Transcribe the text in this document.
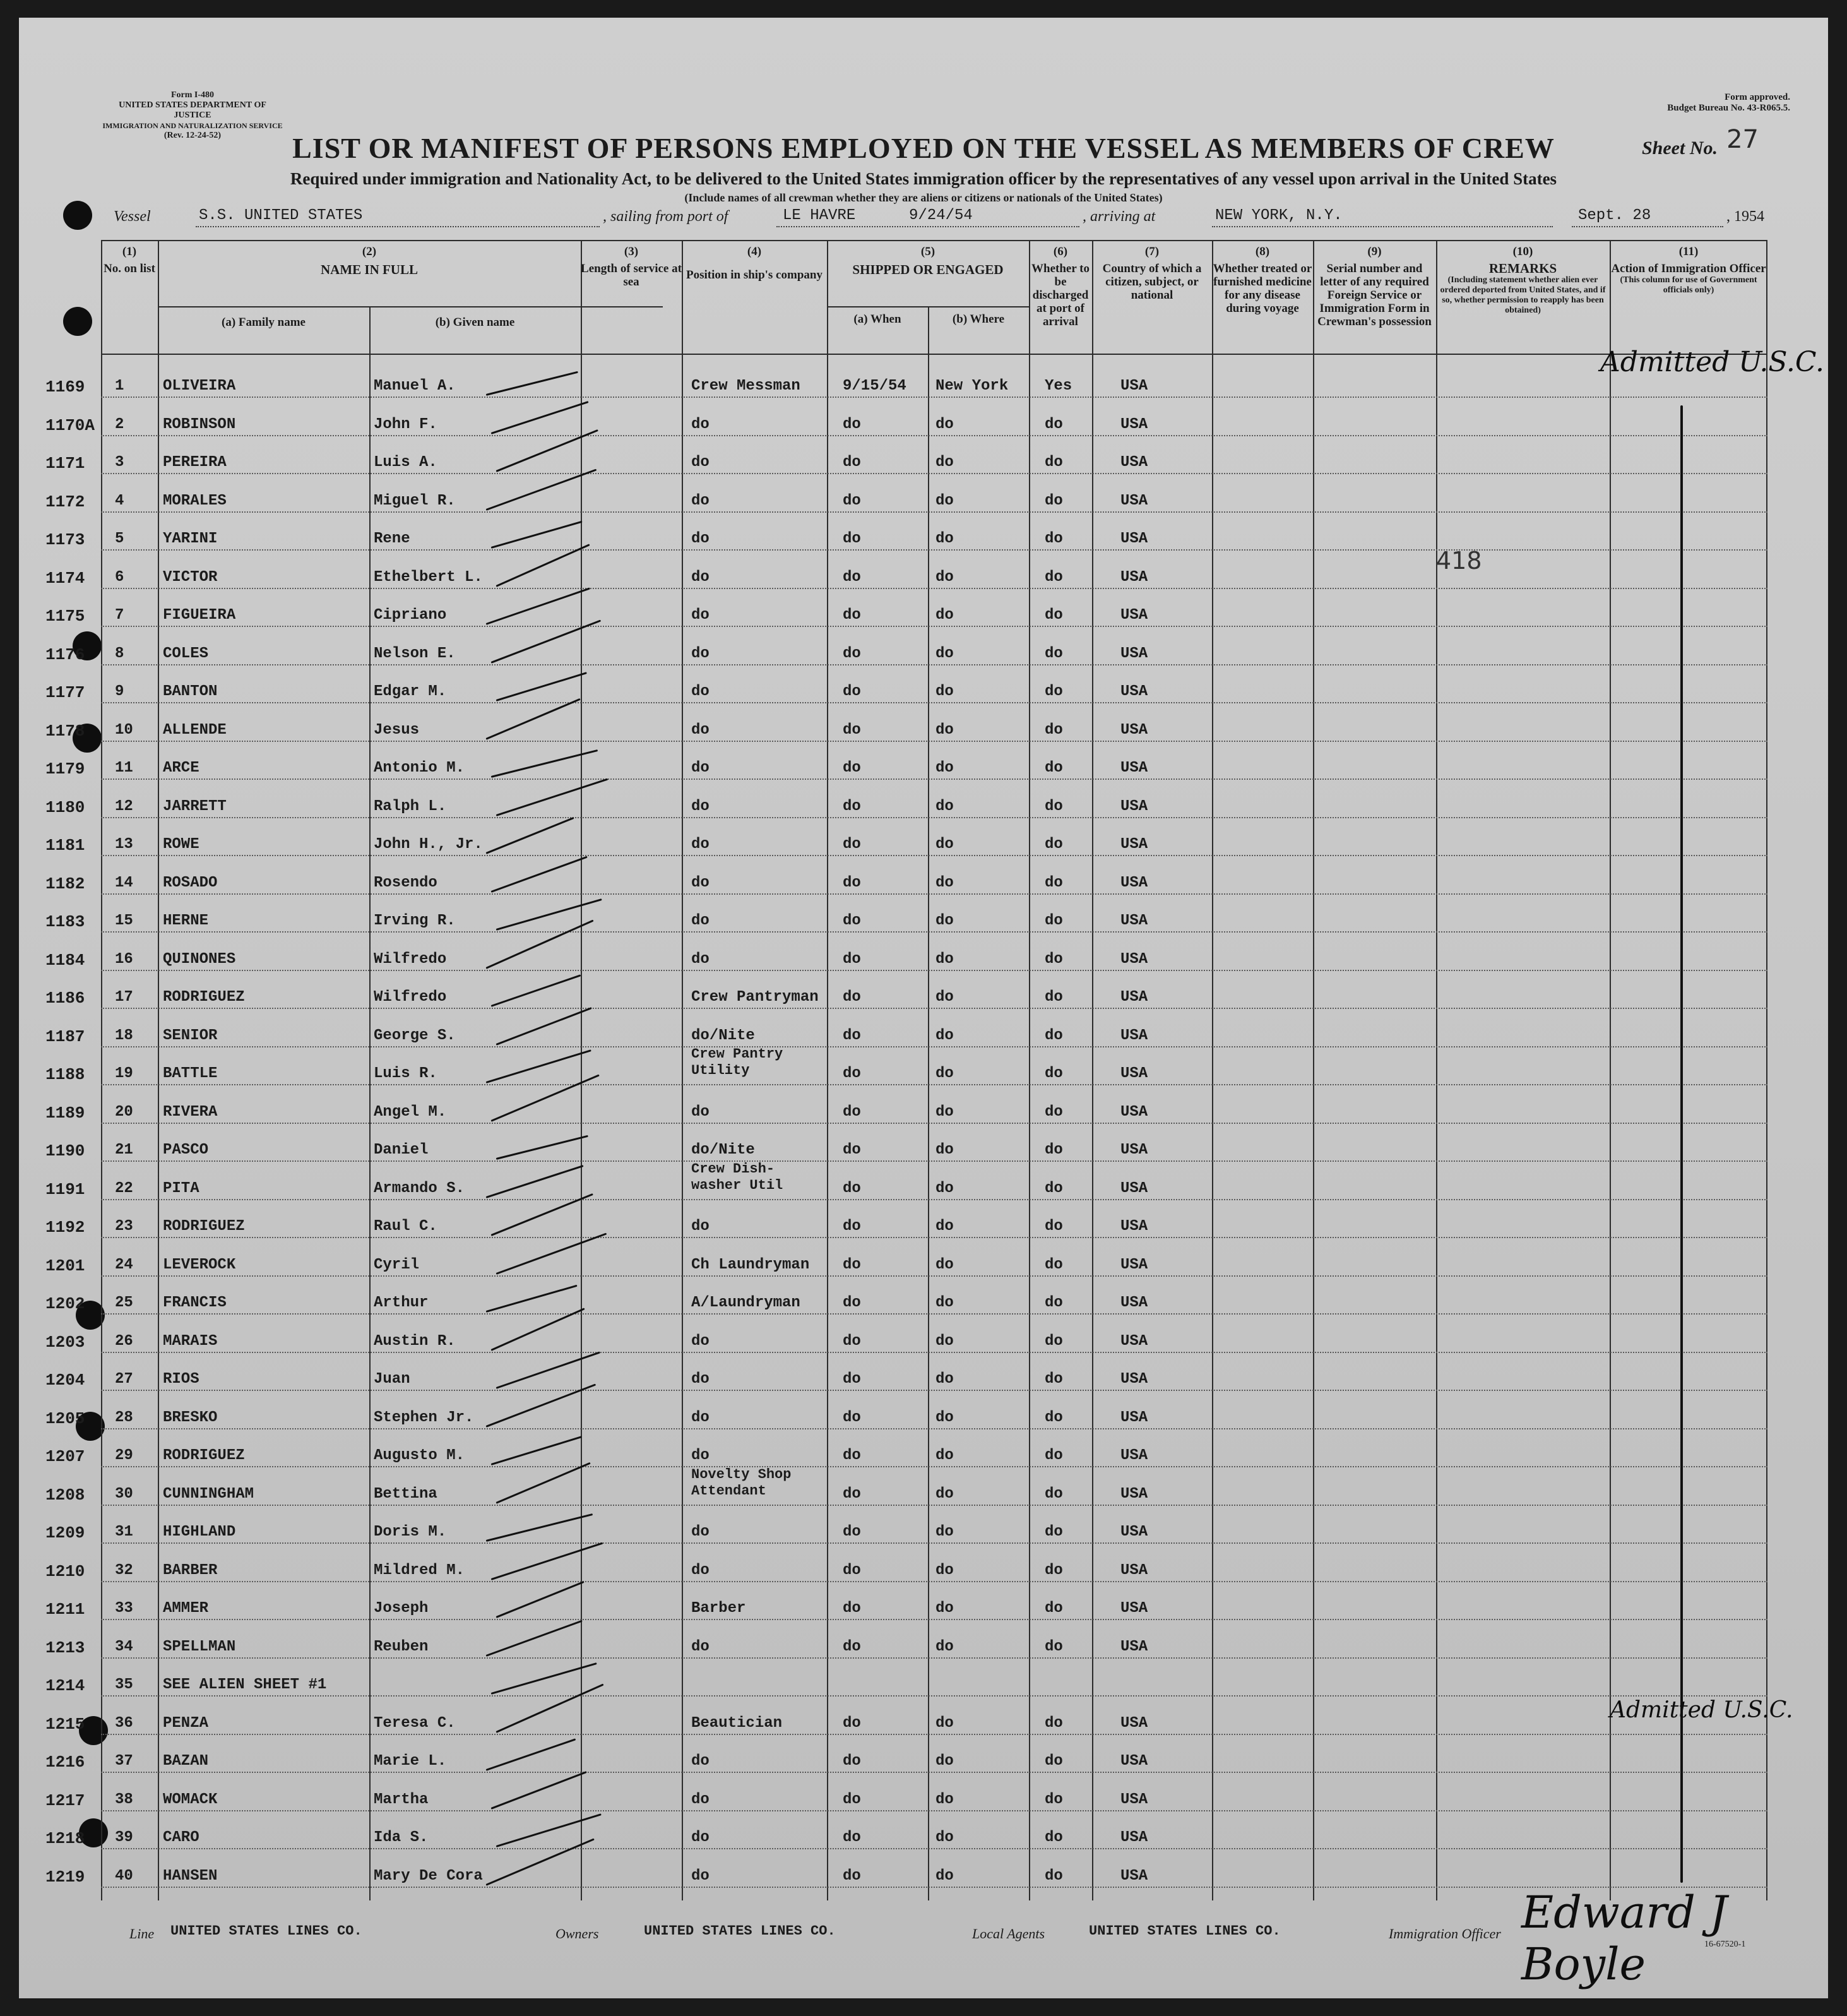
Form I-480
UNITED STATES DEPARTMENT OF JUSTICE
IMMIGRATION AND NATURALIZATION SERVICE
(Rev. 12-24-52)
Form approved.
Budget Bureau No. 43-R065.5.
LIST OR MANIFEST OF PERSONS EMPLOYED ON THE VESSEL AS MEMBERS OF CREW	Sheet No. 27
Required under immigration and Nationality Act, to be delivered to the United States immigration officer by the representatives of any vessel upon arrival in the United States
(Include names of all crewman whether they are aliens or citizens or nationals of the United States)
Vessel	S.S. UNITED STATES	, sailing from port of	LE HAVRE	9/24/54	, arriving at	NEW YORK, N.Y.	Sept. 28	, 1954
(1)
No. on list
(2)
NAME IN FULL
(a) Family name	(b) Given name
(3)
Length of service at sea
(4)
Position in ship's company
(5)
SHIPPED OR ENGAGED
(a) When	(b) Where
(6)
Whether to be discharged at port of arrival
(7)
Country of which a citizen, subject, or national
(8)
Whether treated or furnished medicine for any disease during voyage
(9)
Serial number and letter of any required Foreign Service or Immigration Form in Crewman's possession
(10)
REMARKS
(Including statement whether alien ever ordered deported from United States, and if so, whether permission to reapply has been obtained)
(11)
Action of Immigration Officer
(This column for use of Government officials only)
1169 1	OLIVEIRA	Manuel A.	Crew Messman	9/15/54 New York Yes	USA
1170A 2	ROBINSON	John F.	do	do	do	do	USA
1171 3	PEREIRA	Luis A.	do	do	do	do	USA
1172 4	MORALES	Miguel R.	do	do	do	do	USA
1173 5	YARINI	Rene	do	do	do	do	USA
1174 6	VICTOR	Ethelbert L.	do	do	do	do	USA
1175 7	FIGUEIRA	Cipriano	do	do	do	do	USA
1176 8	COLES	Nelson E.	do	do	do	do	USA
1177 9	BANTON	Edgar M.	do	do	do	do	USA
1178 10 ALLENDE	Jesus	do	do	do	do	USA
1179 11 ARCE	Antonio M.	do	do	do	do	USA
1180 12 JARRETT	Ralph L.	do	do	do	do	USA
1181 13 ROWE	John H., Jr.	do	do	do	do	USA
1182 14 ROSADO	Rosendo	do	do	do	do	USA
1183 15 HERNE	Irving R.	do	do	do	do	USA
1184 16 QUINONES	Wilfredo	do	do	do	do	USA
1186 17 RODRIGUEZ	Wilfredo	Crew Pantryman do	do	do	USA
1187 18 SENIOR	George S.	do/Nite	do	do	do	USA
1188 19 BATTLE	Luis R.
Crew Pantry Utility	do	do	do	USA
1189 20 RIVERA	Angel M.	do	do	do	do	USA
1190 21 PASCO	Daniel	do/Nite	do	do	do	USA
1191 22 PITA	Armando S.
Crew Dish- washer Util	do	do	do	USA
1192 23 RODRIGUEZ	Raul C.	do	do	do	do	USA
1201 24 LEVEROCK	Cyril	Ch Laundryman do	do	do	USA
1202 25 FRANCIS	Arthur	A/Laundryman	do	do	do	USA
1203 26 MARAIS	Austin R.	do	do	do	do	USA
1204 27 RIOS	Juan	do	do	do	do	USA
1205 28 BRESKO	Stephen Jr.	do	do	do	do	USA
1207 29 RODRIGUEZ	Augusto M.	do	do	do	do	USA
1208 30 CUNNINGHAM	Bettina
Novelty Shop Attendant	do	do	do	USA
1209 31 HIGHLAND	Doris M.	do	do	do	do	USA
1210 32 BARBER	Mildred M.	do	do	do	do	USA
1211 33 AMMER	Joseph	Barber	do	do	do	USA
1213 34 SPELLMAN	Reuben	do	do	do	do	USA
1214 35 SEE ALIEN SHEET #1
1215 36 PENZA	Teresa C.	Beautician	do	do	do	USA
1216 37 BAZAN	Marie L.	do	do	do	do	USA
1217 38 WOMACK	Martha	do	do	do	do	USA
1218 39 CARO	Ida S.	do	do	do	do	USA
1219 40 HANSEN	Mary De Cora	do	do	do	do	USA
418
Admitted U.S.C.
Admitted U.S.C.
Edward J Boyle
Line UNITED STATES LINES CO.	Owners	UNITED STATES LINES CO.	Local Agents	UNITED STATES LINES CO.	Immigration Officer
16-67520-1
